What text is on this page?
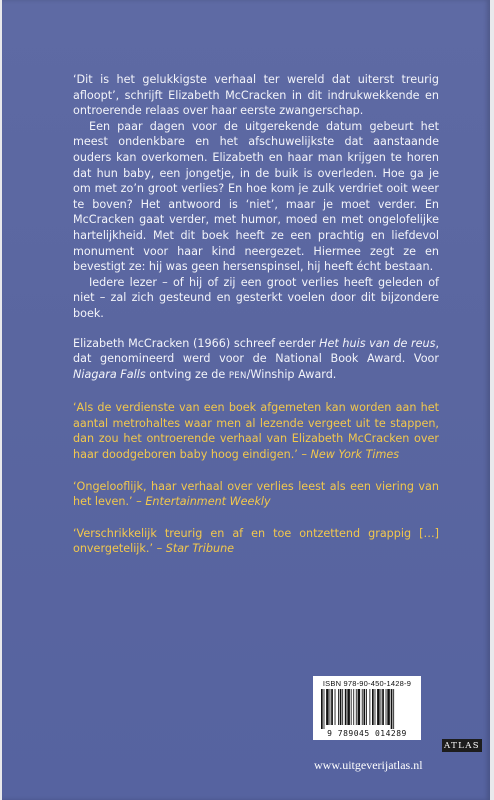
‘Dit is het gelukkigste verhaal ter wereld dat uiterst treurig afloopt’, schrijft Elizabeth McCracken in dit indrukwekkende en ontroerende relaas over haar eerste zwangerschap.

Een paar dagen voor de uitgerekende datum gebeurt het meest ondenkbare en het afschuwelijkste dat aanstaande ouders kan overkomen. Elizabeth en haar man krijgen te horen dat hun baby, een jongetje, in de buik is overleden. Hoe ga je om met zo’n groot verlies? En hoe kom je zulk verdriet ooit weer te boven? Het antwoord is ‘niet’, maar je moet verder. En McCracken gaat verder, met humor, moed en met ongelofelijke hartelijkheid. Met dit boek heeft ze een prachtig en liefdevol monument voor haar kind neergezet. Hiermee zegt ze en bevestigt ze: hij was geen hersenspinsel, hij heeft écht bestaan.

Iedere lezer – of hij of zij een groot verlies heeft geleden of niet – zal zich gesteund en gesterkt voelen door dit bijzondere boek.

Elizabeth McCracken (1966) schreef eerder Het huis van de reus, dat genomineerd werd voor de National Book Award. Voor Niagara Falls ontving ze de PEN/Winship Award.

‘Als de verdienste van een boek afgemeten kan worden aan het aantal metrohaltes waar men al lezende vergeet uit te stappen, dan zou het ontroerende verhaal van Elizabeth McCracken over haar doodgeboren baby hoog eindigen.’ – New York Times

‘Ongelooflijk, haar verhaal over verlies leest als een viering van het leven.’ – Entertainment Weekly

‘Verschrikkelijk treurig en af en toe ontzettend grappig […] onvergetelijk.’ – Star Tribune

ISBN 978-90-450-1428-9
9 789045 014289
ATLAS
www.uitgeverijatlas.nl
